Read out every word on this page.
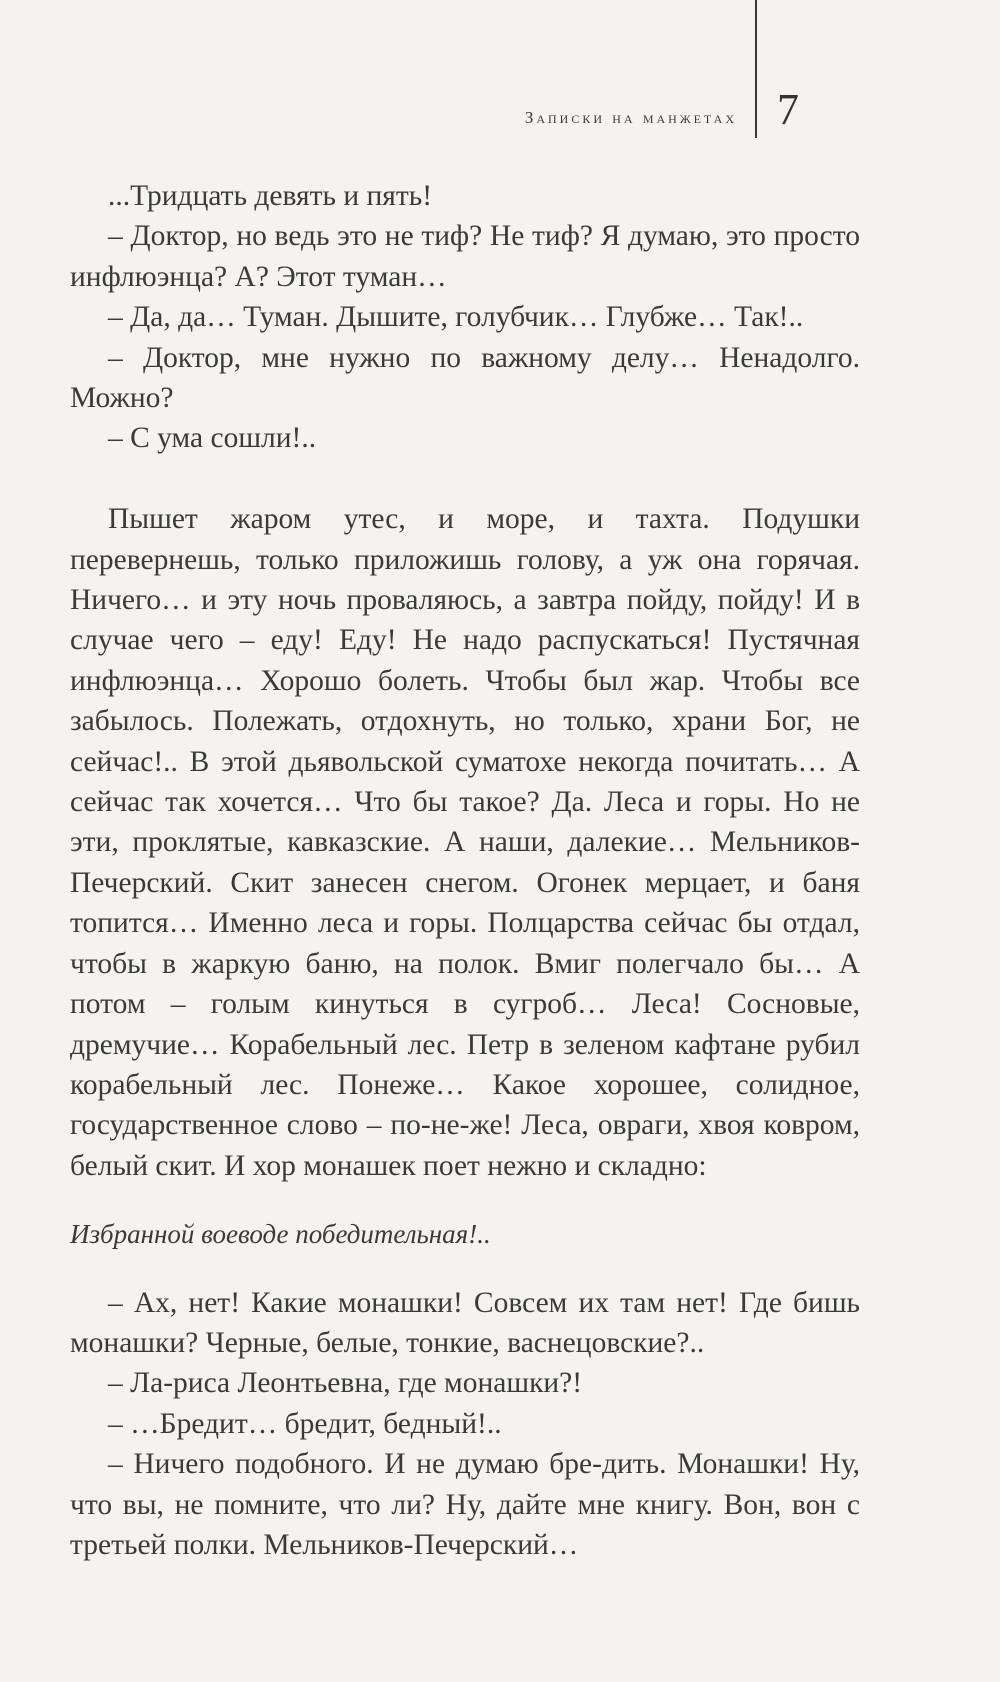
Записки на манжетах 7

...Тридцать девять и пять!

– Доктор, но ведь это не тиф? Не тиф? Я думаю, это просто инфлюэнца? А? Этот туман…

– Да, да… Туман. Дышите, голубчик… Глубже… Так!..

– Доктор, мне нужно по важному делу… Ненадолго. Можно?

– С ума сошли!..

Пышет жаром утес, и море, и тахта. Подушки перевернешь, только приложишь голову, а уж она горячая. Ничего… и эту ночь проваляюсь, а завтра пойду, пойду! И в случае чего – еду! Еду! Не надо распускаться! Пустячная инфлюэнца… Хорошо болеть. Чтобы был жар. Чтобы все забылось. Полежать, отдохнуть, но только, храни Бог, не сейчас!.. В этой дьявольской суматохе некогда почитать… А сейчас так хочется… Что бы такое? Да. Леса и горы. Но не эти, проклятые, кавказские. А наши, далекие… Мельников-Печерский. Скит занесен снегом. Огонек мерцает, и баня топится… Именно леса и горы. Полцарства сейчас бы отдал, чтобы в жаркую баню, на полок. Вмиг полегчало бы… А потом – голым кинуться в сугроб… Леса! Сосновые, дремучие… Корабельный лес. Петр в зеленом кафтане рубил корабельный лес. Понеже… Какое хорошее, солидное, государственное слово – по-не-же! Леса, овраги, хвоя ковром, белый скит. И хор монашек поет нежно и складно:

Избранной воеводе победительная!..

– Ах, нет! Какие монашки! Совсем их там нет! Где бишь монашки? Черные, белые, тонкие, васнецовские?..

– Ла-риса Леонтьевна, где монашки?!

– …Бредит… бредит, бедный!..

– Ничего подобного. И не думаю бре-дить. Монашки! Ну, что вы, не помните, что ли? Ну, дайте мне книгу. Вон, вон с третьей полки. Мельников-Печерский…
